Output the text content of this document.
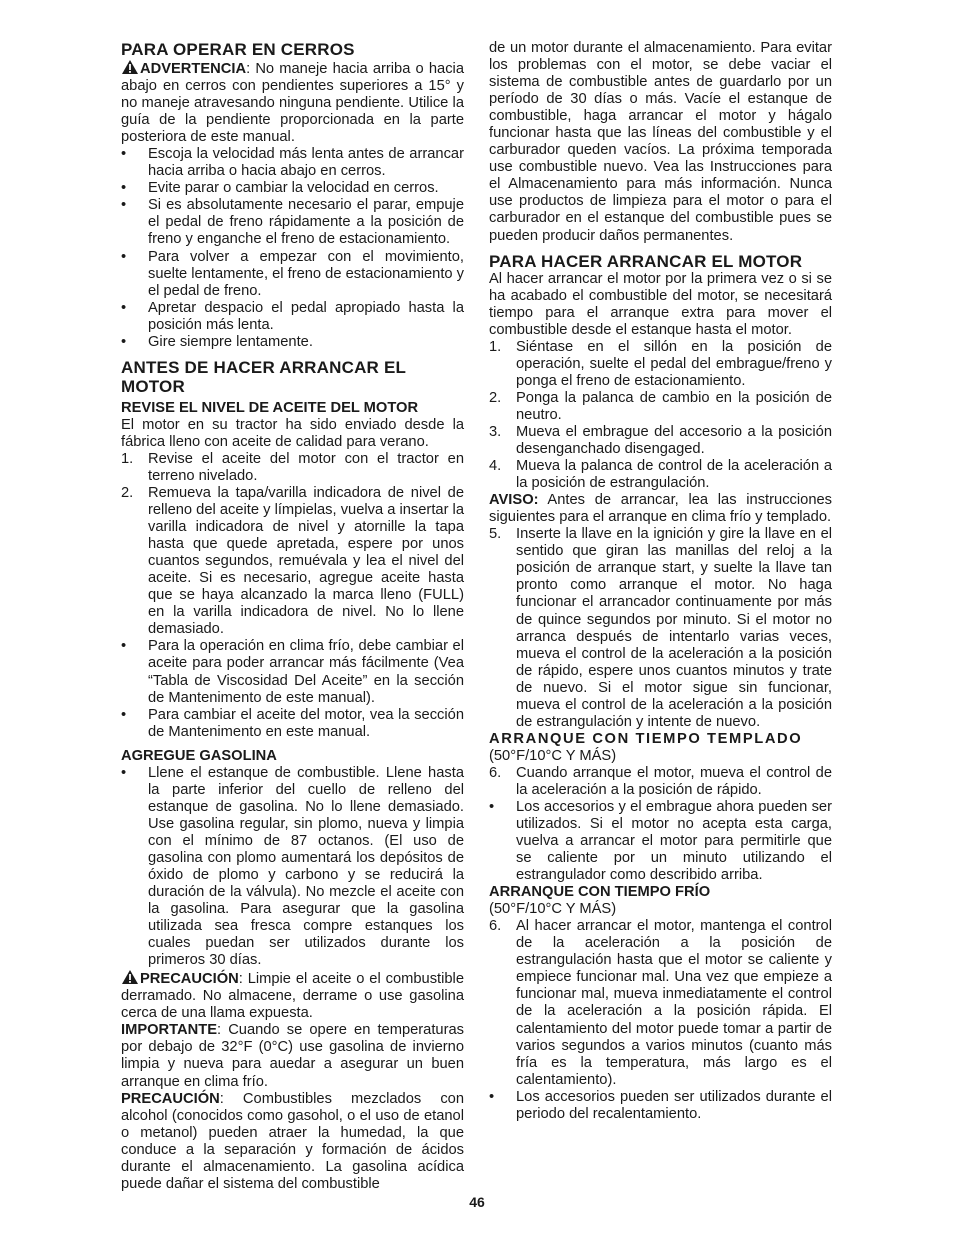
PARA OPERAR EN CERROS

ADVERTENCIA: No maneje hacia arriba o hacia abajo en cerros con pendientes superiores a 15° y no maneje atravesando ninguna pendiente. Utilice la guía de la pendiente proporcionada en la parte posteriora de este manual.

•	Escoja la velocidad más lenta antes de arrancar hacia arriba o hacia abajo en cerros.
•	Evite parar o cambiar la velocidad en cerros.
•	Si es absolutamente necesario el parar, empuje el pedal de freno rápidamente a la posición de freno y enganche el freno de estacionamiento.
•	Para volver a empezar con el movimiento, suelte lentamente, el freno de estacionamiento y el pedal de freno.
•	Apretar despacio el pedal apropiado hasta la posición más lenta.
•	Gire siempre lentamente.
ANTES DE HACER ARRANCAR EL MOTOR
REVISE EL NIVEL DE ACEITE DEL MOTOR

El motor en su tractor ha sido enviado desde la fábrica lleno con aceite de calidad para verano.

1.	Revise el aceite del motor con el tractor en terreno nivelado.
2.	Remueva la tapa/varilla indicadora de nivel de relleno del aceite y límpielas, vuelva a insertar la varilla indicadora de nivel y atornille la tapa hasta que quede apretada, espere por unos cuantos segundos, remuévala y lea el nivel del aceite. Si es necesario, agregue aceite hasta que se haya alcanzado la marca lleno (FULL) en la varilla indicadora de nivel. No lo llene demasiado.
•	Para la operación en clima frío, debe cambiar el aceite para poder arrancar más fácilmente (Vea “Tabla de Viscosidad Del Aceite” en la sección de Mantenimento de este manual).
•	Para cambiar el aceite del motor, vea la sección de Mantenimento en este manual.
AGREGUE GASOLINA
•	Llene el estanque de combustible. Llene hasta la parte inferior del cuello de relleno del estanque de gasolina. No lo llene demasiado. Use gasolina regular, sin plomo, nueva y limpia con el mínimo de 87 octanos. (El uso de gasolina con plomo aumentará los depósitos de óxido de plomo y carbono y se reducirá la duración de la válvula). No mezcle el aceite con la gasolina. Para asegurar que la gasolina utilizada sea fresca compre estanques los cuales puedan ser utilizados durante los primeros 30 días.

PRECAUCIÓN: Limpie el aceite o el combustible derramado. No almacene, derrame o use gasolina cerca de una llama expuesta.

IMPORTANTE: Cuando se opere en temperaturas por debajo de 32°F (0°C) use gasolina de invierno limpia y nueva para auedar a asegurar un buen arranque en clima frío.

PRECAUCIÓN: Combustibles mezclados con alcohol (conocidos como gasohol, o el uso de etanol o metanol) pueden atraer la humedad, la que conduce a la separación y formación de ácidos durante el almacenamiento. La gasolina acídica puede dañar el sistema del combustible

de un motor durante el almacenamiento. Para evitar los problemas con el motor, se debe vaciar el sistema de combustible antes de guardarlo por un período de 30 días o más. Vacíe el estanque de combustible, haga arrancar el motor y hágalo funcionar hasta que las líneas del combustible y el carburador queden vacíos. La próxima temporada use combustible nuevo. Vea las Instrucciones para el Almacenamiento para más información. Nunca use productos de limpieza para el motor o para el carburador en el estanque del combustible pues se pueden producir daños permanentes.

PARA HACER ARRANCAR EL MOTOR

Al hacer arrancar el motor por la primera vez o si se ha acabado el combustible del motor, se necesitará tiempo para el arranque extra para mover el combustible desde el estanque hasta el motor.

1.	Siéntase en el sillón en la posición de operación, suelte el pedal del embrague/freno y ponga el freno de estacionamiento.
2.	Ponga la palanca de cambio en la posición de neutro.
3.	Mueva el embrague del accesorio a la posición desenganchado disengaged.
4.	Mueva la palanca de control de la aceleración a la posición de estrangulación.

AVISO: Antes de arrancar, lea las instrucciones siguientes para el arranque en clima frío y templado.

5.	Inserte la llave en la ignición y gire la llave en el sentido que giran las manillas del reloj a la posición de arranque start, y suelte la llave tan pronto como arranque el motor. No haga funcionar el arrancador continuamente por más de quince segundos por minuto. Si el motor no arranca después de intentarlo varias veces, mueva el control de la aceleración a la posición de rápido, espere unos cuantos minutos y trate de nuevo. Si el motor sigue sin funcionar, mueva el control de la aceleración a la posición de estrangulación y intente de nuevo.
ARRANQUE CON TIEMPO TEMPLADO

(50°F/10°C Y MÁS)

6.	Cuando arranque el motor, mueva el control de la aceleración a la posición de rápido.
•	Los accesorios y el embrague ahora pueden ser utilizados. Si el motor no acepta esta carga, vuelva a arrancar el motor para permitirle que se caliente por un minuto utilizando el estrangulador como describido arriba.
ARRANQUE CON TIEMPO FRÍO

(50°F/10°C Y MÁS)

6.	Al hacer arrancar el motor, mantenga el control de la aceleración a la posición de estrangulación hasta que el motor se caliente y empiece funcionar mal. Una vez que empieze a funcionar mal, mueva inmediatamente el control de la aceleración a la posición rápida. El calentamiento del motor puede tomar a partir de varios segundos a varios minutos (cuanto más fría es la temperatura, más largo es el calentamiento).
•	Los accesorios pueden ser utilizados durante el periodo del recalentamiento.
46
